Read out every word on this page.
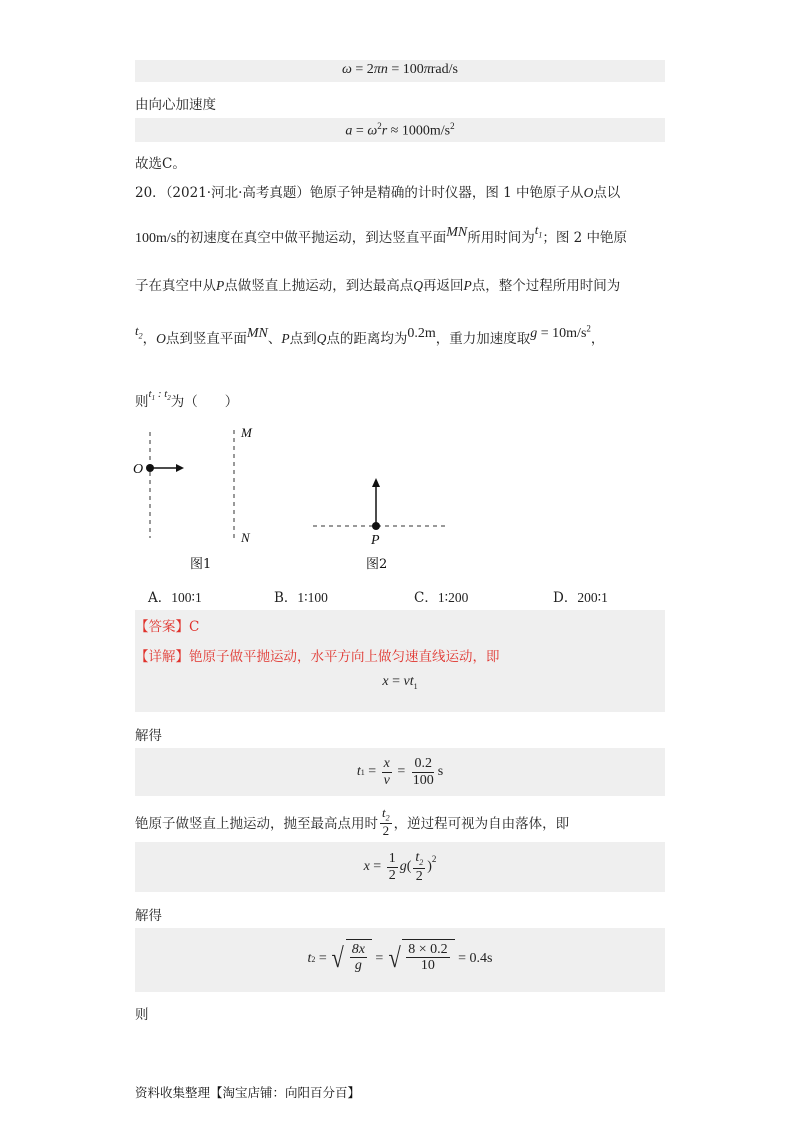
ω = 2πn = 100πrad/s
由向心加速度
$a = \omega^2r \approx 1000m/s^2$
故选C。
20．（2021·河北·高考真题）铯原子钟是精确的计时仪器，图 1 中铯原子从O点以
100m/s的初速度在真空中做平抛运动，到达竖直平面MN所用时间为$t_1$；图 2 中铯原
子在真空中从P点做竖直上抛运动，到达最高点Q再返回P点，整个过程所用时间为
$t_2$，O点到竖直平面MN、P点到Q点的距离均为0.2m，重力加速度取$g = 10m/s^2$，
则$^{t_1 : t_2}$为（　　）
O
M
N
图1
P
图2
A．100∶1	B．1∶100	C．1∶200	D．200∶1
【答案】C
【详解】铯原子做平抛运动，水平方向上做匀速直线运动，即
$x = vt_1$
解得
t $1 = \frac{x}{v} = \frac{0.2}{100}$ s
铯原子做竖直上抛运动，抛至最高点用时 $\frac{t_2}{2}$ ，逆过程可视为自由落体，即
$x = \frac{1}{2}$ g ( $\frac{t_2}{2} )^2$
解得
t 2 = √ $\frac{8x}{g}$ = √ $\frac{8 \times 0.2}{10} = 0.4s$
则
资料收集整理【淘宝店铺：向阳百分百】
